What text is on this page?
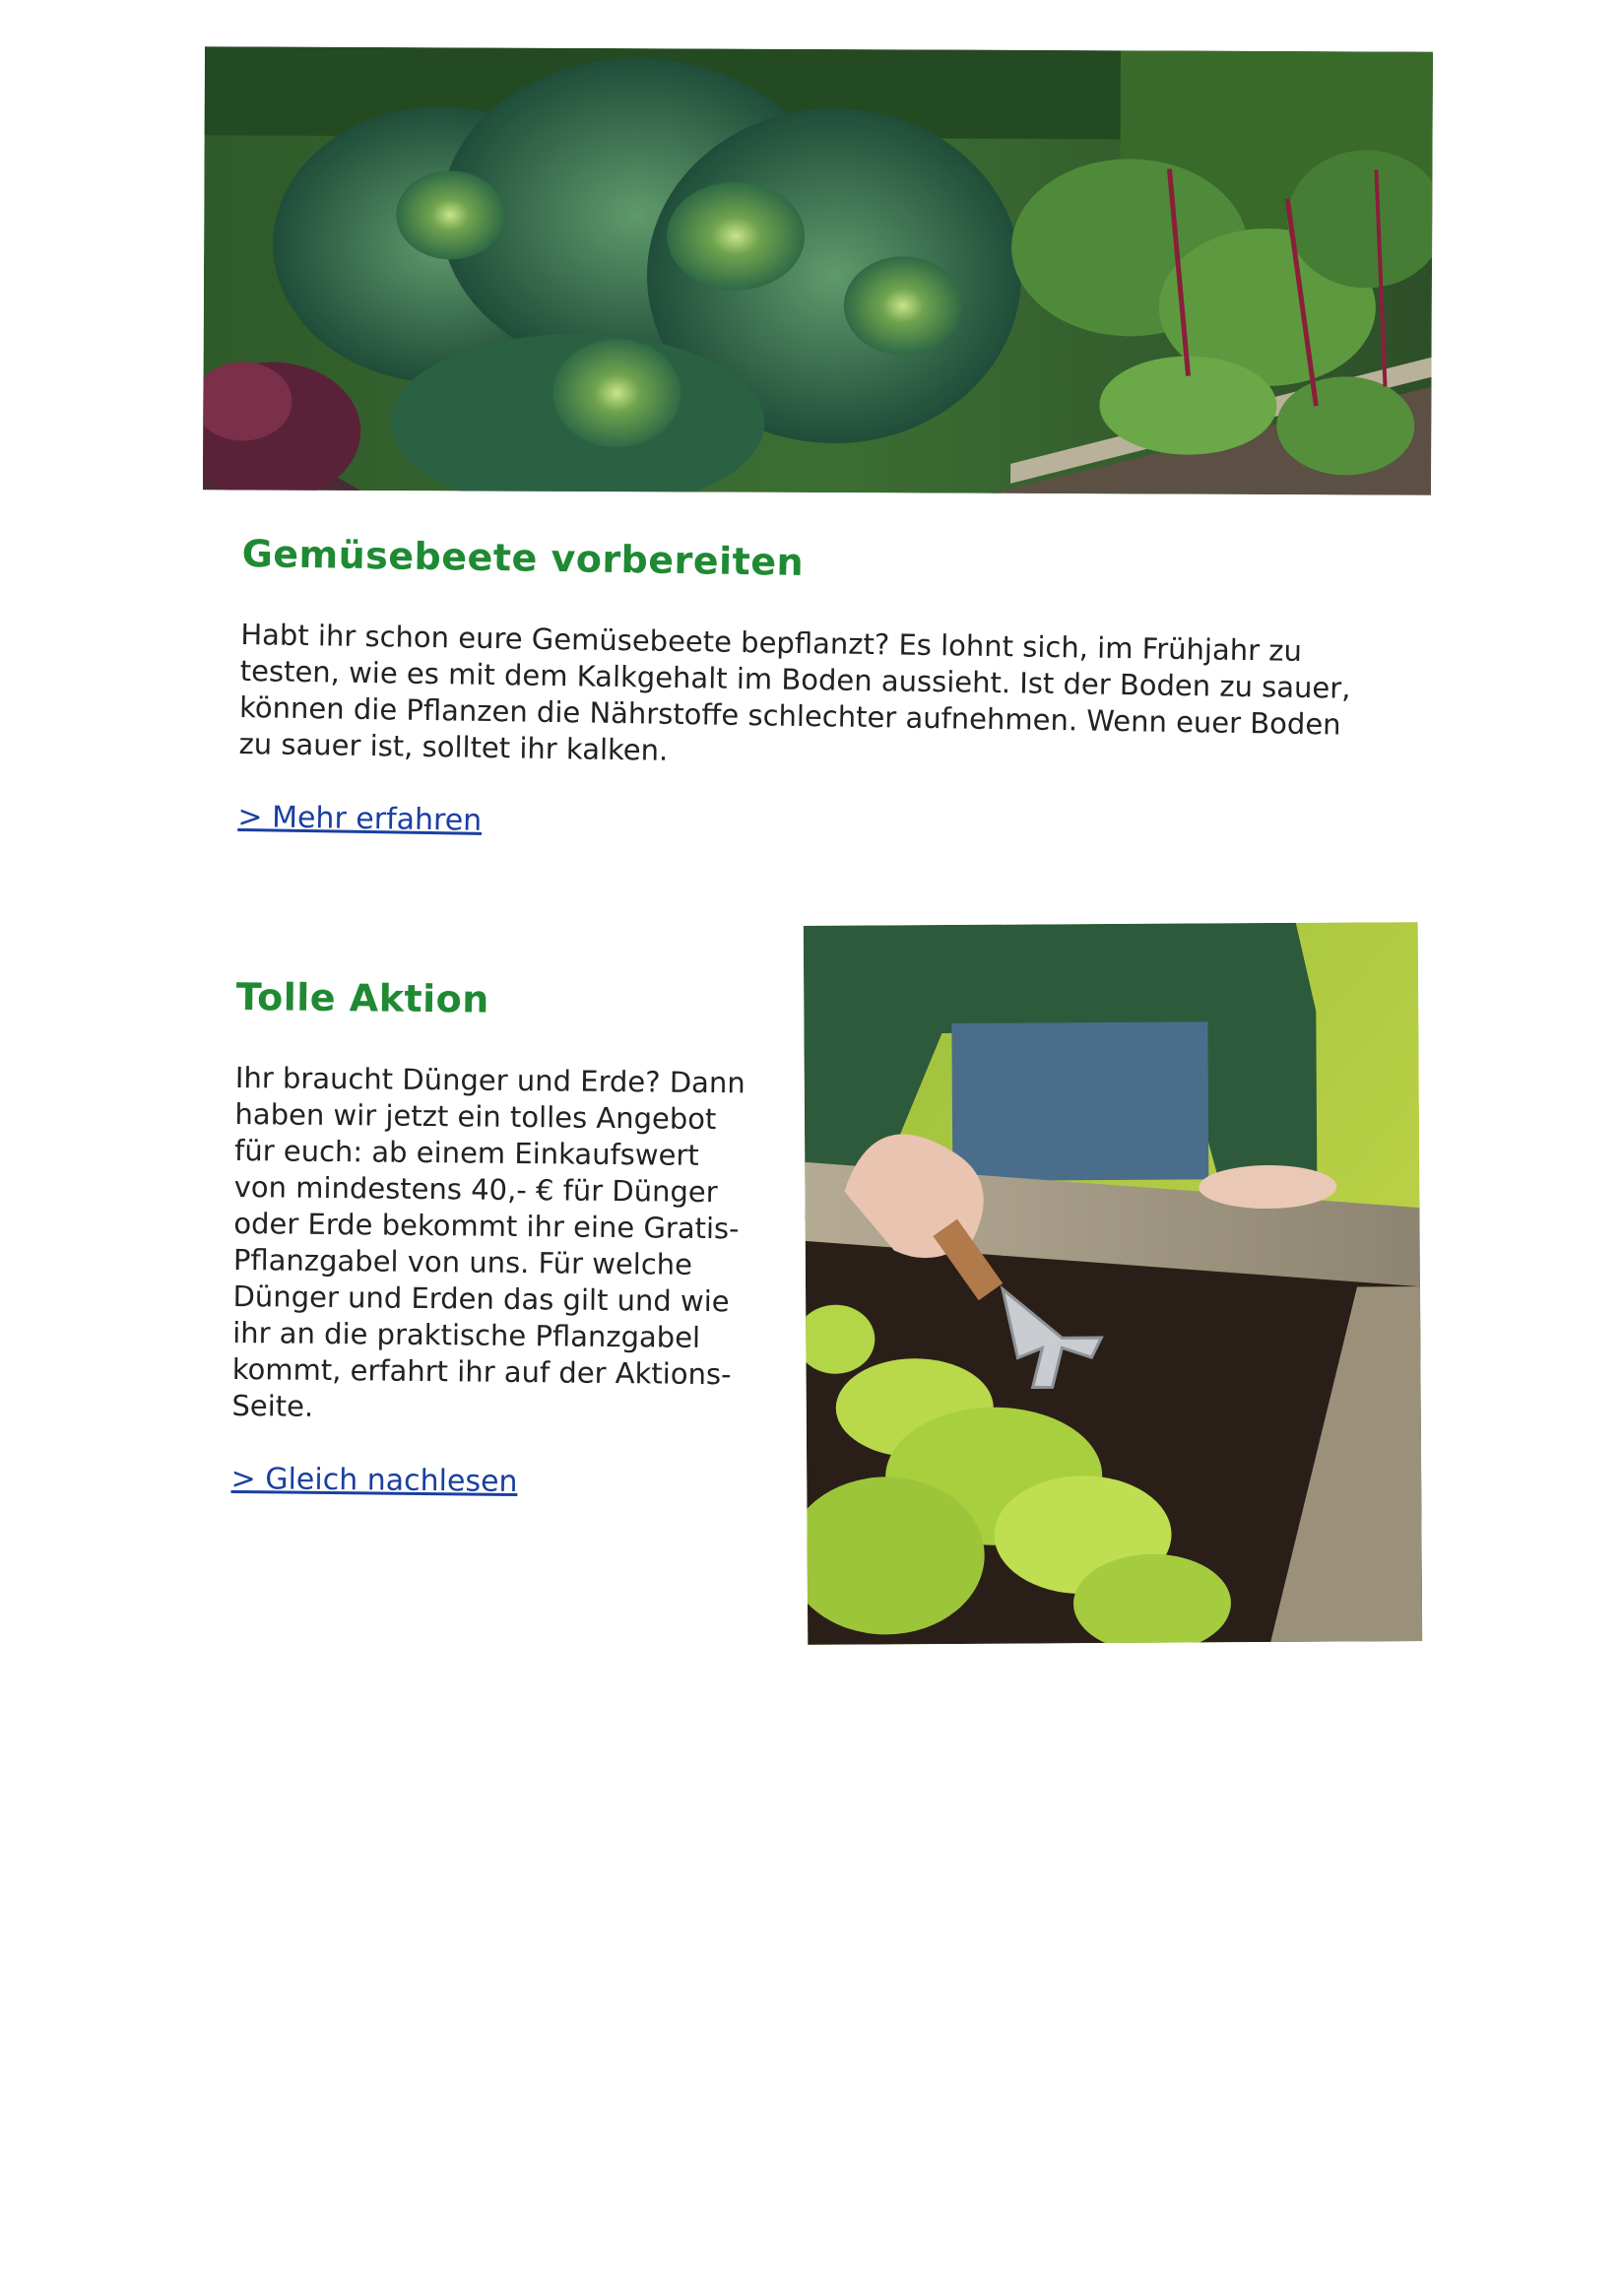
Gemüsebeete vorbereiten

Habt ihr schon eure Gemüsebeete bepflanzt? Es lohnt sich, im Frühjahr zu
testen, wie es mit dem Kalkgehalt im Boden aussieht. Ist der Boden zu sauer,
können die Pflanzen die Nährstoffe schlechter aufnehmen. Wenn euer Boden
zu sauer ist, solltet ihr kalken.

> Mehr erfahren
Tolle Aktion

Ihr braucht Dünger und Erde? Dann
haben wir jetzt ein tolles Angebot
für euch: ab einem Einkaufswert
von mindestens 40,- € für Dünger
oder Erde bekommt ihr eine Gratis-
Pflanzgabel von uns. Für welche
Dünger und Erden das gilt und wie
ihr an die praktische Pflanzgabel
kommt, erfahrt ihr auf der Aktions-
Seite.

> Gleich nachlesen
